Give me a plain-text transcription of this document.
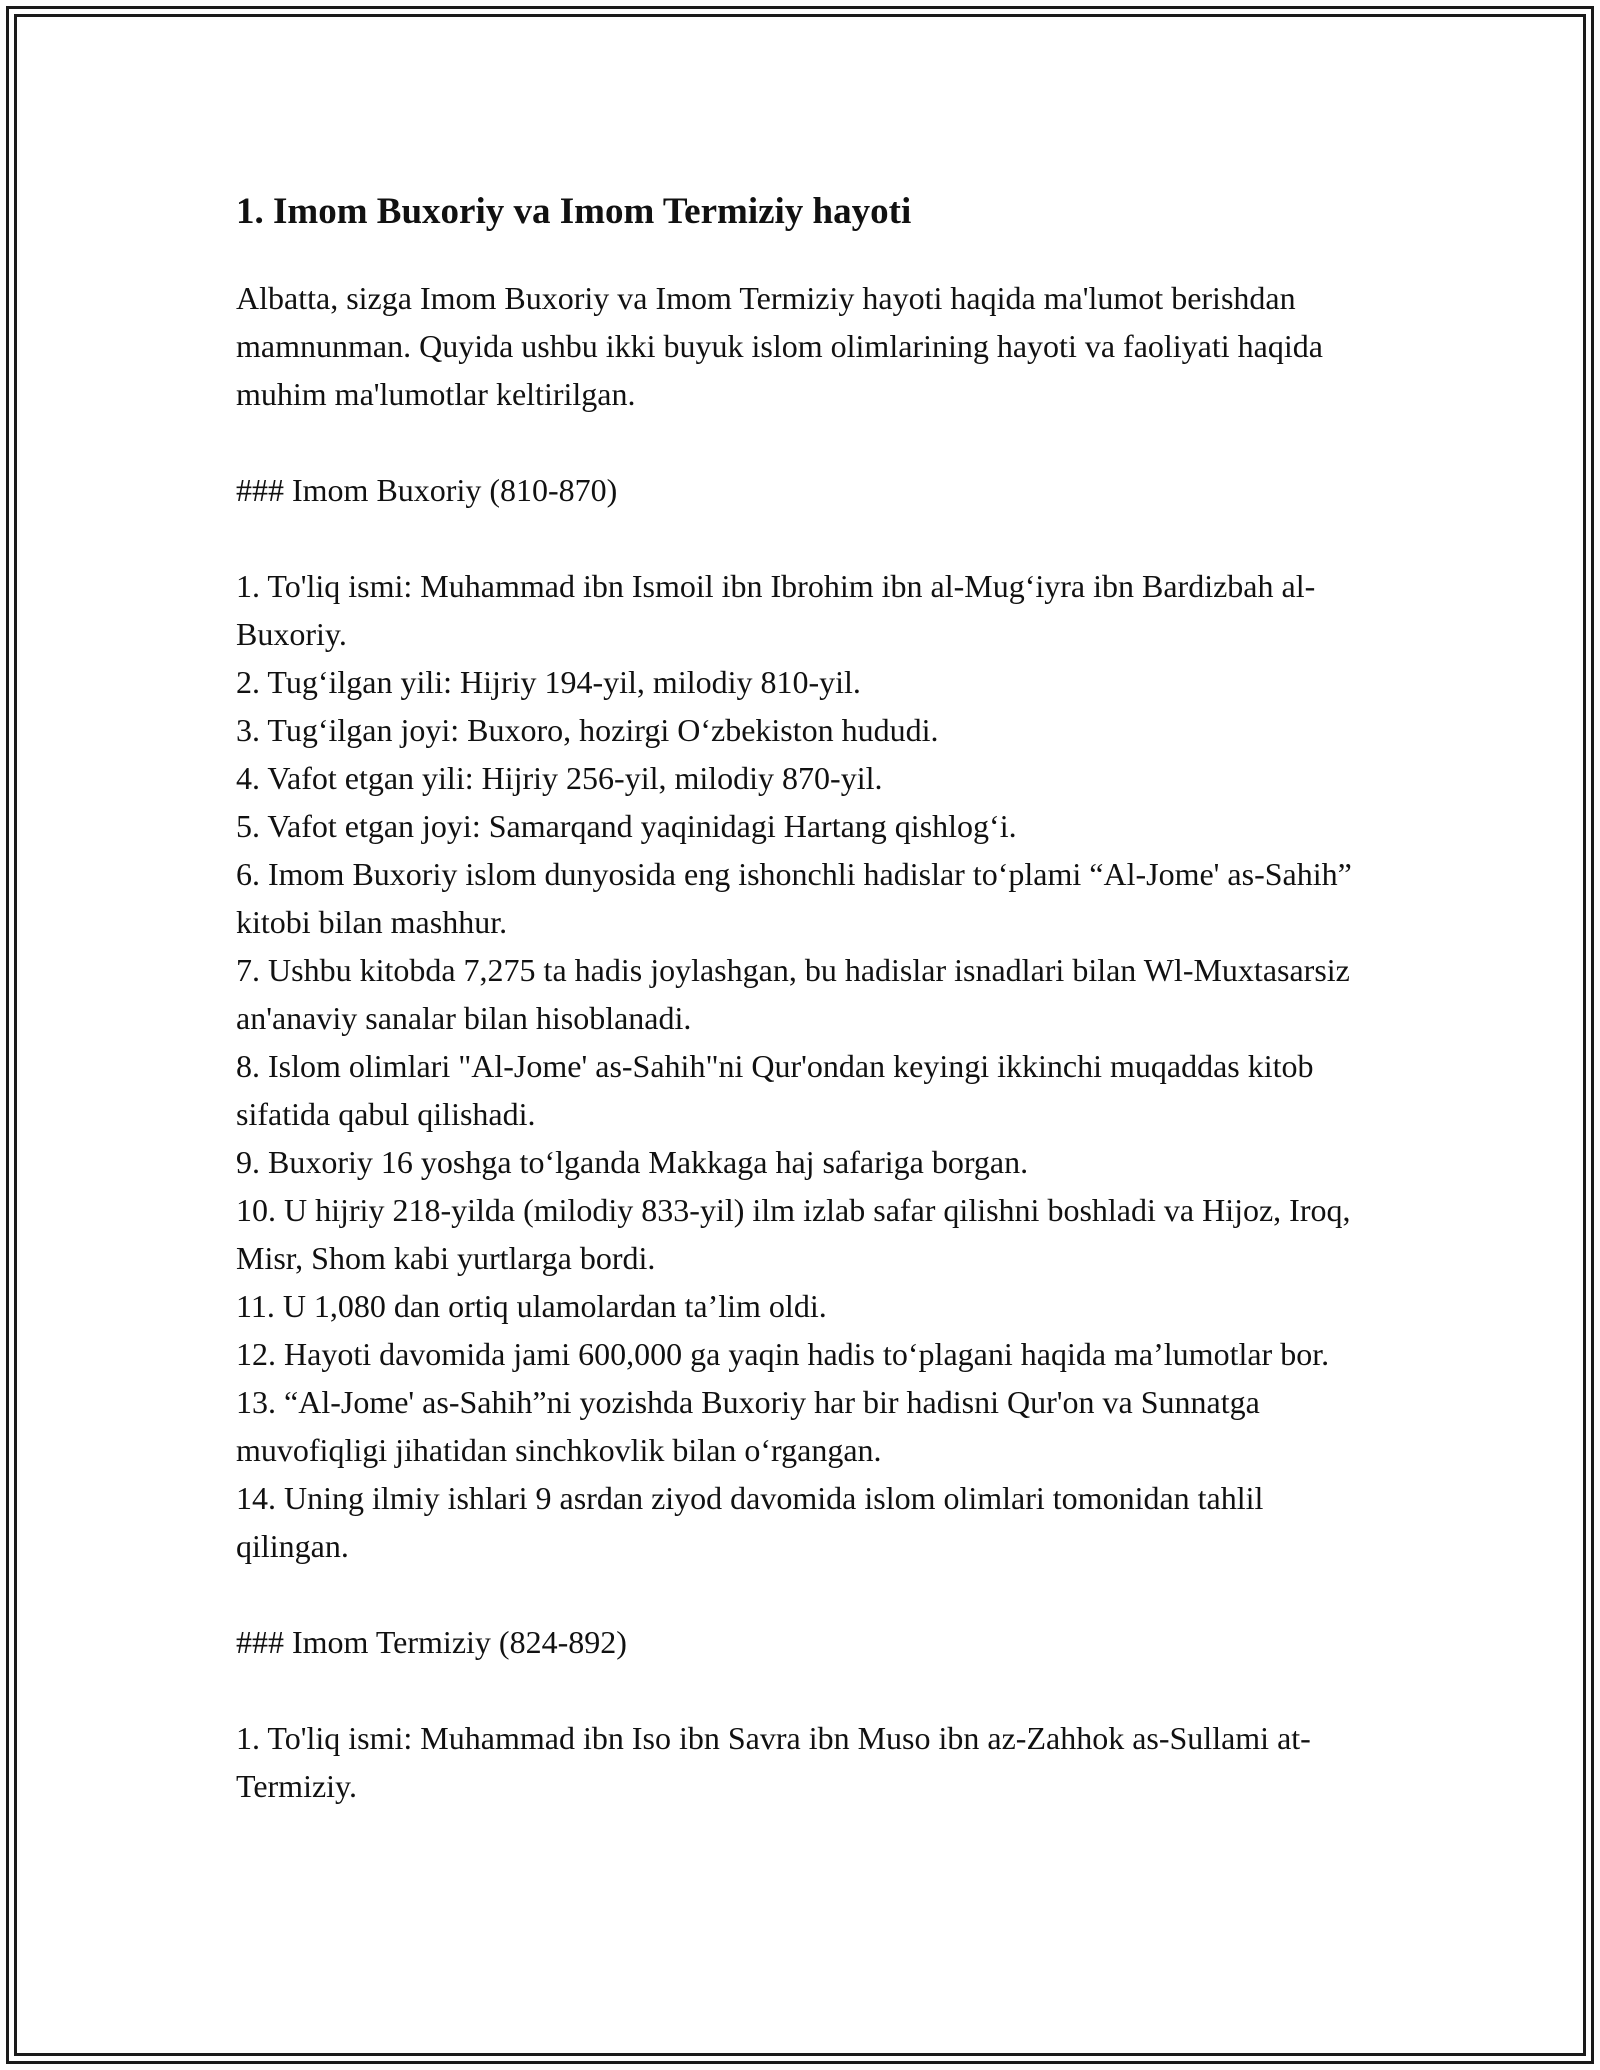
1. Imom Buxoriy va Imom Termiziy hayoti

Albatta, sizga Imom Buxoriy va Imom Termiziy hayoti haqida ma'lumot berishdan mamnunman. Quyida ushbu ikki buyuk islom olimlarining hayoti va faoliyati haqida muhim ma'lumotlar keltirilgan.

### Imom Buxoriy (810-870)

1. To'liq ismi: Muhammad ibn Ismoil ibn Ibrohim ibn al-Mug‘iyra ibn Bardizbah al-Buxoriy.
2. Tug‘ilgan yili: Hijriy 194-yil, milodiy 810-yil.
3. Tug‘ilgan joyi: Buxoro, hozirgi O‘zbekiston hududi.
4. Vafot etgan yili: Hijriy 256-yil, milodiy 870-yil.
5. Vafot etgan joyi: Samarqand yaqinidagi Hartang qishlog‘i.
6. Imom Buxoriy islom dunyosida eng ishonchli hadislar to‘plami “Al-Jome' as-Sahih” kitobi bilan mashhur.
7. Ushbu kitobda 7,275 ta hadis joylashgan, bu hadislar isnadlari bilan Wl-Muxtasarsiz an'anaviy sanalar bilan hisoblanadi.
8. Islom olimlari "Al-Jome' as-Sahih"ni Qur'ondan keyingi ikkinchi muqaddas kitob sifatida qabul qilishadi.
9. Buxoriy 16 yoshga to‘lganda Makkaga haj safariga borgan.
10. U hijriy 218-yilda (milodiy 833-yil) ilm izlab safar qilishni boshladi va Hijoz, Iroq, Misr, Shom kabi yurtlarga bordi.
11. U 1,080 dan ortiq ulamolardan ta’lim oldi.
12. Hayoti davomida jami 600,000 ga yaqin hadis to‘plagani haqida ma’lumotlar bor.
13. “Al-Jome' as-Sahih”ni yozishda Buxoriy har bir hadisni Qur'on va Sunnatga muvofiqligi jihatidan sinchkovlik bilan o‘rgangan.
14. Uning ilmiy ishlari 9 asrdan ziyod davomida islom olimlari tomonidan tahlil qilingan.

### Imom Termiziy (824-892)

1. To'liq ismi: Muhammad ibn Iso ibn Savra ibn Muso ibn az-Zahhok as-Sullami at-Termiziy.
